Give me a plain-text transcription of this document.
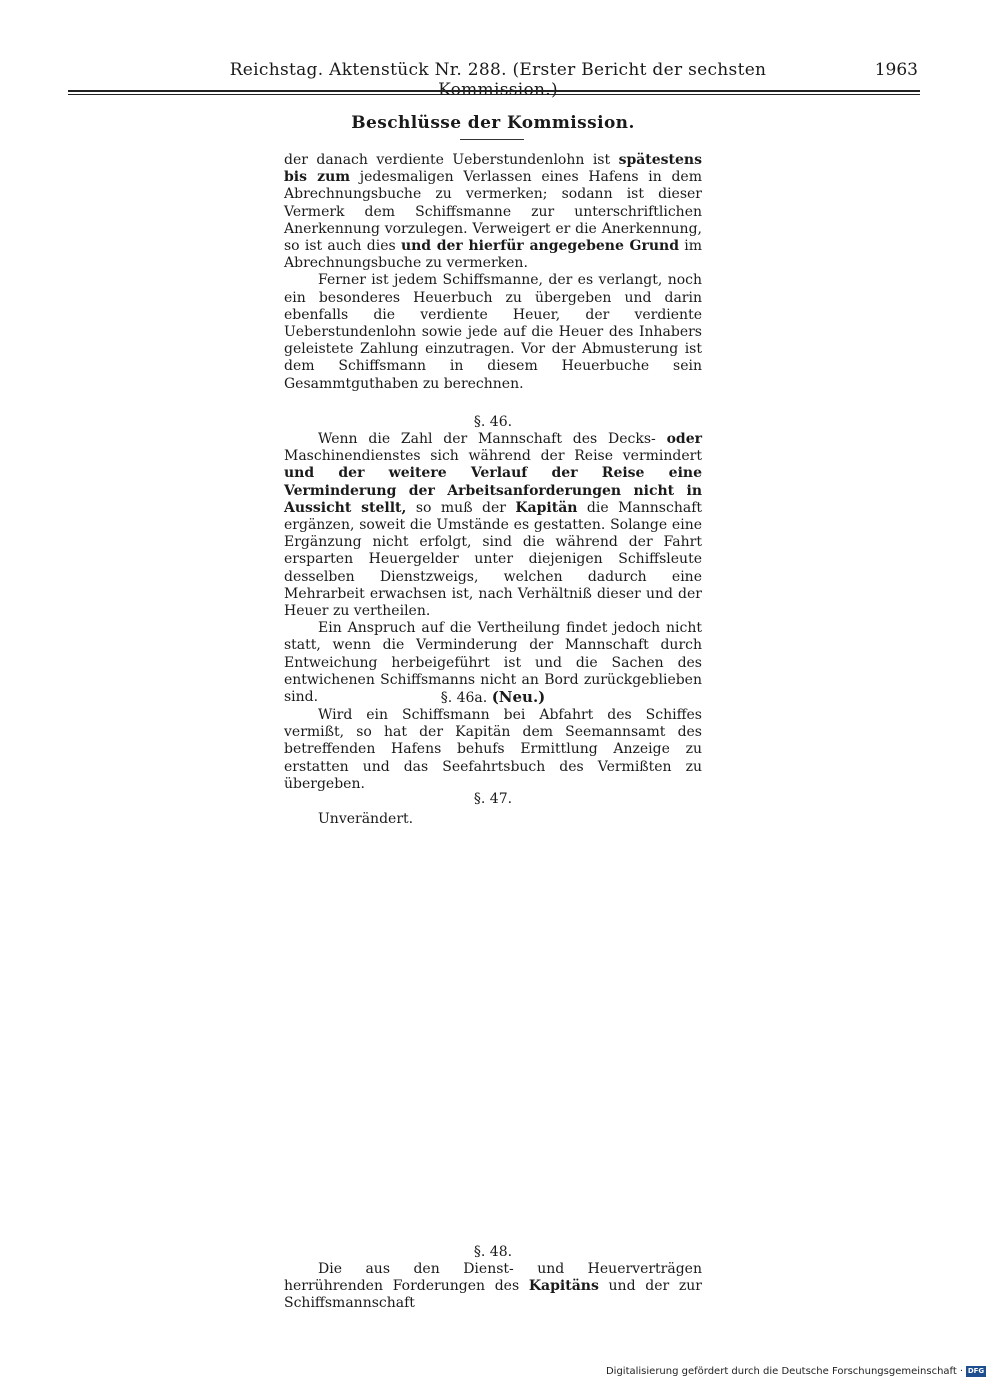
Reichstag. Aktenstück Nr. 288. (Erster Bericht der sechsten Kommission.)
1963
Beschlüsse der Kommission.

der danach verdiente Ueberstundenlohn ist spätestens bis zum jedesmaligen Verlassen eines Hafens in dem Abrechnungsbuche zu vermerken; sodann ist dieser Vermerk dem Schiffsmanne zur unterschriftlichen Anerkennung vorzulegen. Verweigert er die Anerkennung, so ist auch dies und der hierfür angegebene Grund im Abrechnungsbuche zu vermerken.

Ferner ist jedem Schiffsmanne, der es verlangt, noch ein besonderes Heuerbuch zu übergeben und darin ebenfalls die verdiente Heuer, der verdiente Ueberstundenlohn sowie jede auf die Heuer des Inhabers geleistete Zahlung einzutragen. Vor der Abmusterung ist dem Schiffsmann in diesem Heuerbuche sein Gesammtguthaben zu berechnen.

§. 46.

Wenn die Zahl der Mannschaft des Decks- oder Maschinendienstes sich während der Reise vermindert und der weitere Verlauf der Reise eine Verminderung der Arbeitsanforderungen nicht in Aussicht stellt, so muß der Kapitän die Mannschaft ergänzen, soweit die Umstände es gestatten. Solange eine Ergänzung nicht erfolgt, sind die während der Fahrt ersparten Heuergelder unter diejenigen Schiffsleute desselben Dienstzweigs, welchen dadurch eine Mehrarbeit erwachsen ist, nach Verhältniß dieser und der Heuer zu vertheilen.

Ein Anspruch auf die Vertheilung findet jedoch nicht statt, wenn die Verminderung der Mannschaft durch Entweichung herbeigeführt ist und die Sachen des entwichenen Schiffsmanns nicht an Bord zurückgeblieben sind.	§. 46a. (Neu.)

Wird ein Schiffsmann bei Abfahrt des Schiffes vermißt, so hat der Kapitän dem Seemannsamt des betreffenden Hafens behufs Ermittlung Anzeige zu erstatten und das Seefahrtsbuch des Vermißten zu übergeben.

§. 47.

Unverändert.

§. 48.

Die aus den Dienst- und Heuerverträgen herrührenden Forderungen des Kapitäns und der zur Schiffsmannschaft

Digitalisierung gefördert durch die Deutsche Forschungsgemeinschaft · DFG
